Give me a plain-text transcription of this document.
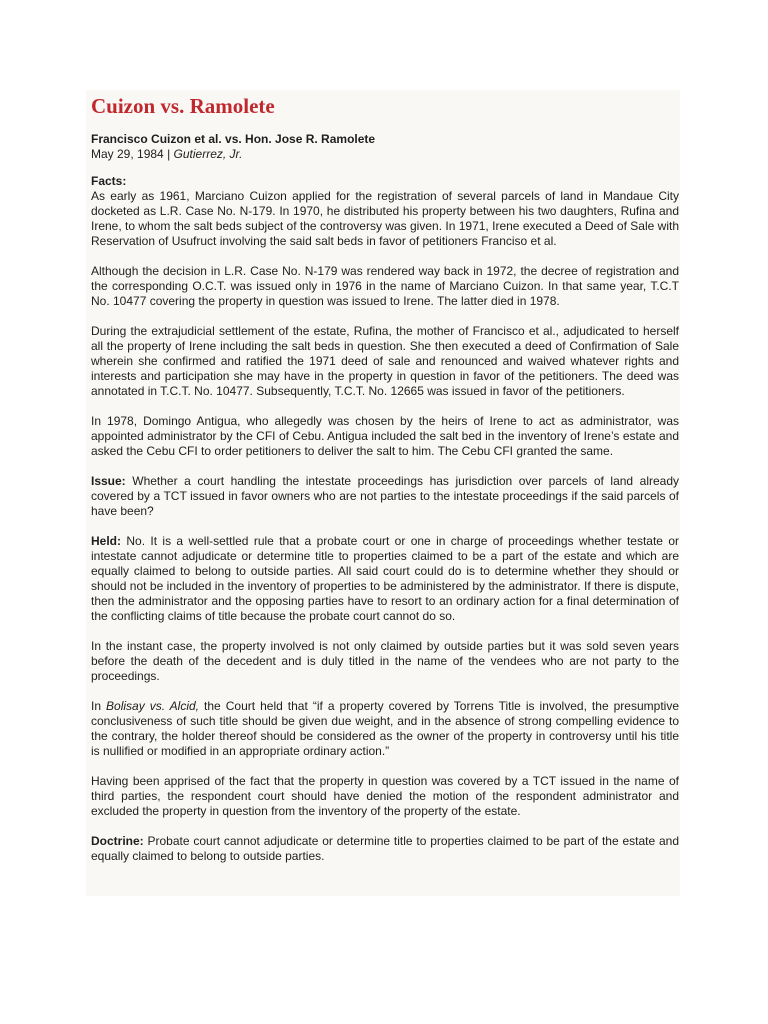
Cuizon vs. Ramolete
Francisco Cuizon et al. vs. Hon. Jose R. Ramolete
May 29, 1984 | Gutierrez, Jr.
Facts:

As early as 1961, Marciano Cuizon applied for the registration of several parcels of land in Mandaue City docketed as L.R. Case No. N-179. In 1970, he distributed his property between his two daughters, Rufina and Irene, to whom the salt beds subject of the controversy was given. In 1971, Irene executed a Deed of Sale with Reservation of Usufruct involving the said salt beds in favor of petitioners Franciso et al.

Although the decision in L.R. Case No. N-179 was rendered way back in 1972, the decree of registration and the corresponding O.C.T. was issued only in 1976 in the name of Marciano Cuizon. In that same year, T.C.T No. 10477 covering the property in question was issued to Irene. The latter died in 1978.

During the extrajudicial settlement of the estate, Rufina, the mother of Francisco et al., adjudicated to herself all the property of Irene including the salt beds in question. She then executed a deed of Confirmation of Sale wherein she confirmed and ratified the 1971 deed of sale and renounced and waived whatever rights and interests and participation she may have in the property in question in favor of the petitioners. The deed was annotated in T.C.T. No. 10477. Subsequently, T.C.T. No. 12665 was issued in favor of the petitioners.

In 1978, Domingo Antigua, who allegedly was chosen by the heirs of Irene to act as administrator, was appointed administrator by the CFI of Cebu. Antigua included the salt bed in the inventory of Irene’s estate and asked the Cebu CFI to order petitioners to deliver the salt to him. The Cebu CFI granted the same.

Issue: Whether a court handling the intestate proceedings has jurisdiction over parcels of land already covered by a TCT issued in favor owners who are not parties to the intestate proceedings if the said parcels of have been?

Held: No. It is a well-settled rule that a probate court or one in charge of proceedings whether testate or intestate cannot adjudicate or determine title to properties claimed to be a part of the estate and which are equally claimed to belong to outside parties. All said court could do is to determine whether they should or should not be included in the inventory of properties to be administered by the administrator. If there is dispute, then the administrator and the opposing parties have to resort to an ordinary action for a final determination of the conflicting claims of title because the probate court cannot do so.

In the instant case, the property involved is not only claimed by outside parties but it was sold seven years before the death of the decedent and is duly titled in the name of the vendees who are not party to the proceedings.

In Bolisay vs. Alcid, the Court held that “if a property covered by Torrens Title is involved, the presumptive conclusiveness of such title should be given due weight, and in the absence of strong compelling evidence to the contrary, the holder thereof should be considered as the owner of the property in controversy until his title is nullified or modified in an appropriate ordinary action.”

Having been apprised of the fact that the property in question was covered by a TCT issued in the name of third parties, the respondent court should have denied the motion of the respondent administrator and excluded the property in question from the inventory of the property of the estate.

Doctrine: Probate court cannot adjudicate or determine title to properties claimed to be part of the estate and equally claimed to belong to outside parties.
